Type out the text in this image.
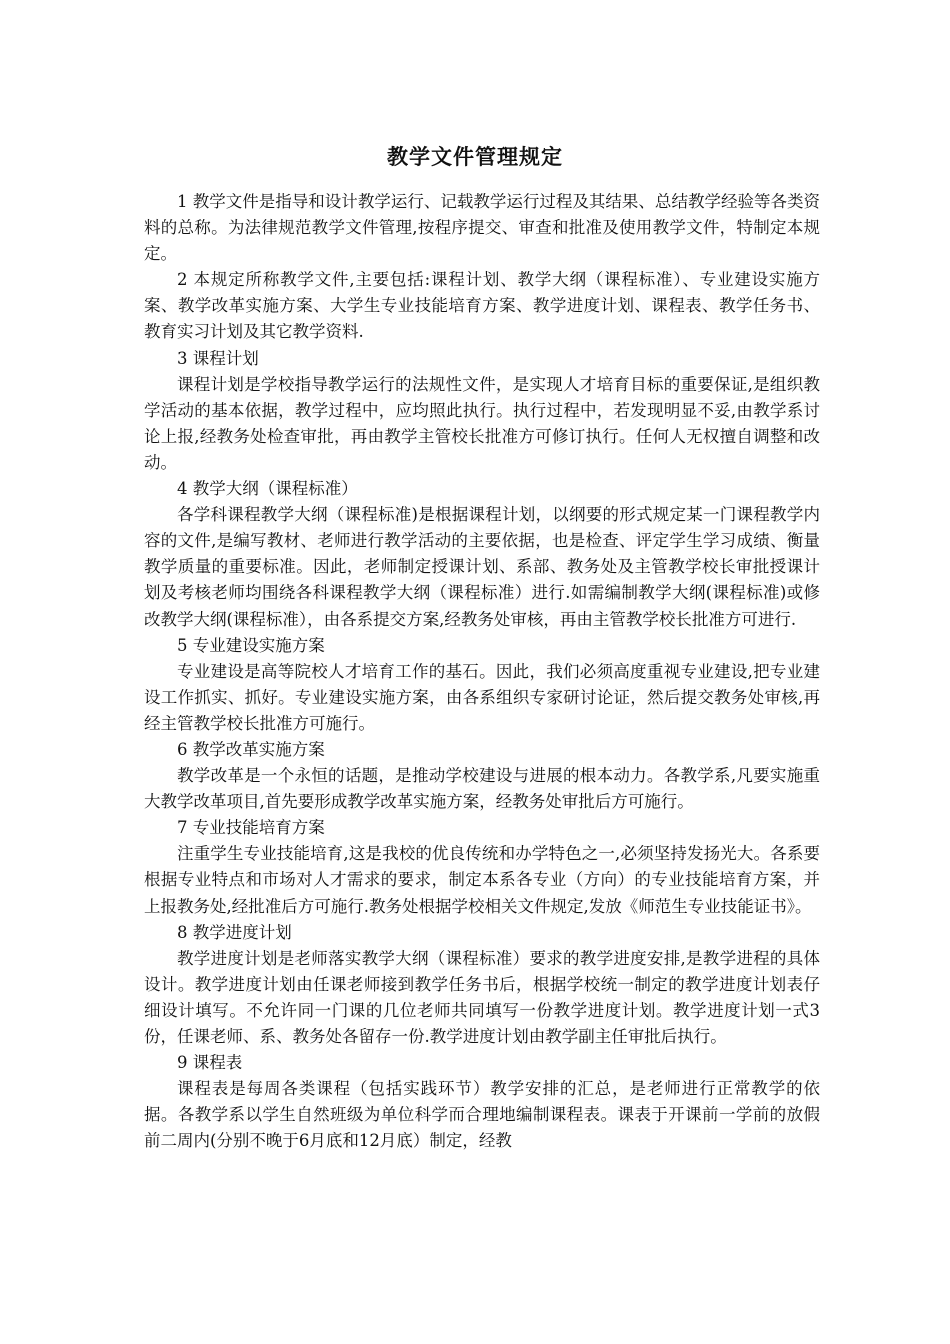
教学文件管理规定

1 教学文件是指导和设计教学运行、记载教学运行过程及其结果、总结教学经验等各类资料的总称。为法律规范教学文件管理,按程序提交、审查和批准及使用教学文件，特制定本规定。

2 本规定所称教学文件,主要包括:课程计划、教学大纲（课程标准）、专业建设实施方案、教学改革实施方案、大学生专业技能培育方案、教学进度计划、课程表、教学任务书、教育实习计划及其它教学资料.

3 课程计划

课程计划是学校指导教学运行的法规性文件，是实现人才培育目标的重要保证,是组织教学活动的基本依据，教学过程中，应均照此执行。执行过程中，若发现明显不妥,由教学系讨论上报,经教务处检查审批，再由教学主管校长批准方可修订执行。任何人无权擅自调整和改动。

4 教学大纲（课程标准）

各学科课程教学大纲（课程标准)是根据课程计划，以纲要的形式规定某一门课程教学内容的文件,是编写教材、老师进行教学活动的主要依据，也是检查、评定学生学习成绩、衡量教学质量的重要标准。因此，老师制定授课计划、系部、教务处及主管教学校长审批授课计划及考核老师均围绕各科课程教学大纲（课程标准）进行.如需编制教学大纲(课程标准)或修改教学大纲(课程标准），由各系提交方案,经教务处审核，再由主管教学校长批准方可进行.

5 专业建设实施方案

专业建设是高等院校人才培育工作的基石。因此，我们必须高度重视专业建设,把专业建设工作抓实、抓好。专业建设实施方案，由各系组织专家研讨论证，然后提交教务处审核,再经主管教学校长批准方可施行。

6 教学改革实施方案

教学改革是一个永恒的话题，是推动学校建设与进展的根本动力。各教学系,凡要实施重大教学改革项目,首先要形成教学改革实施方案，经教务处审批后方可施行。

7 专业技能培育方案

注重学生专业技能培育,这是我校的优良传统和办学特色之一,必须坚持发扬光大。各系要根据专业特点和市场对人才需求的要求，制定本系各专业（方向）的专业技能培育方案，并上报教务处,经批准后方可施行.教务处根据学校相关文件规定,发放《师范生专业技能证书》。

8 教学进度计划

教学进度计划是老师落实教学大纲（课程标准）要求的教学进度安排,是教学进程的具体设计。教学进度计划由任课老师接到教学任务书后，根据学校统一制定的教学进度计划表仔细设计填写。不允许同一门课的几位老师共同填写一份教学进度计划。教学进度计划一式3份，任课老师、系、教务处各留存一份.教学进度计划由教学副主任审批后执行。

9 课程表

课程表是每周各类课程（包括实践环节）教学安排的汇总，是老师进行正常教学的依据。各教学系以学生自然班级为单位科学而合理地编制课程表。课表于开课前一学前的放假前二周内(分别不晚于6月底和12月底）制定，经教
